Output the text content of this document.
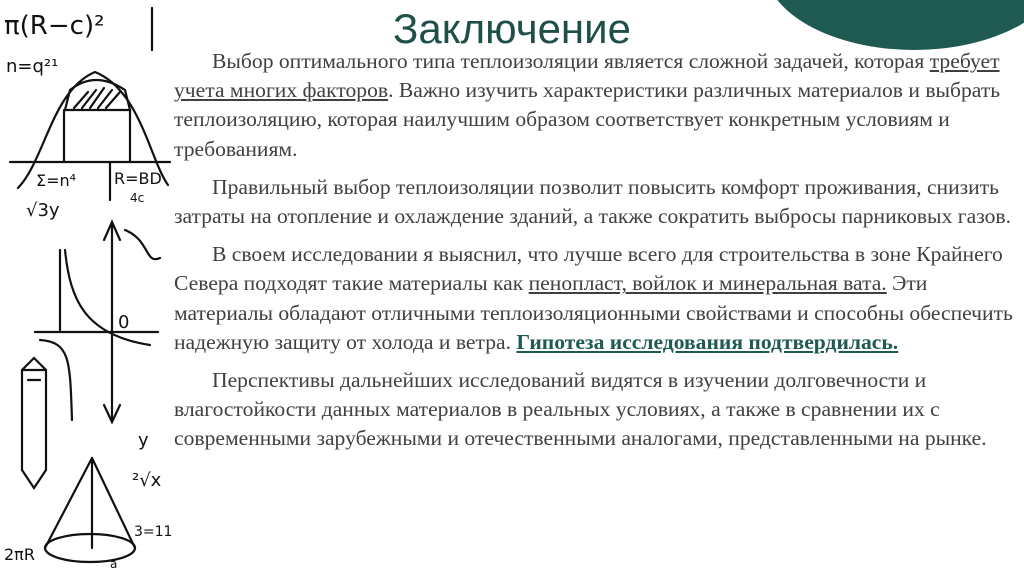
π(R−c)²
n=q²¹
Σ=n⁴ R=BD
4c
√3y
0
y
²√x
2πR
3=11
a
Заключение

Выбор оптимального типа теплоизоляции является сложной задачей, которая требует учета многих факторов. Важно изучить характеристики различных материалов и выбрать теплоизоляцию, которая наилучшим образом соответствует конкретным условиям и требованиям.

Правильный выбор теплоизоляции позволит повысить комфорт проживания, снизить затраты на отопление и охлаждение зданий, а также сократить выбросы парниковых газов.

В своем исследовании я выяснил, что лучше всего для строительства в зоне Крайнего Севера подходят такие материалы как пенопласт, войлок и минеральная вата. Эти материалы обладают отличными теплоизоляционными свойствами и способны обеспечить надежную защиту от холода и ветра. Гипотеза исследования подтвердилась.

Перспективы дальнейших исследований видятся в изучении долговечности и влагостойкости данных материалов в реальных условиях, а также в сравнении их с современными зарубежными и отечественными аналогами, представленными на рынке.
